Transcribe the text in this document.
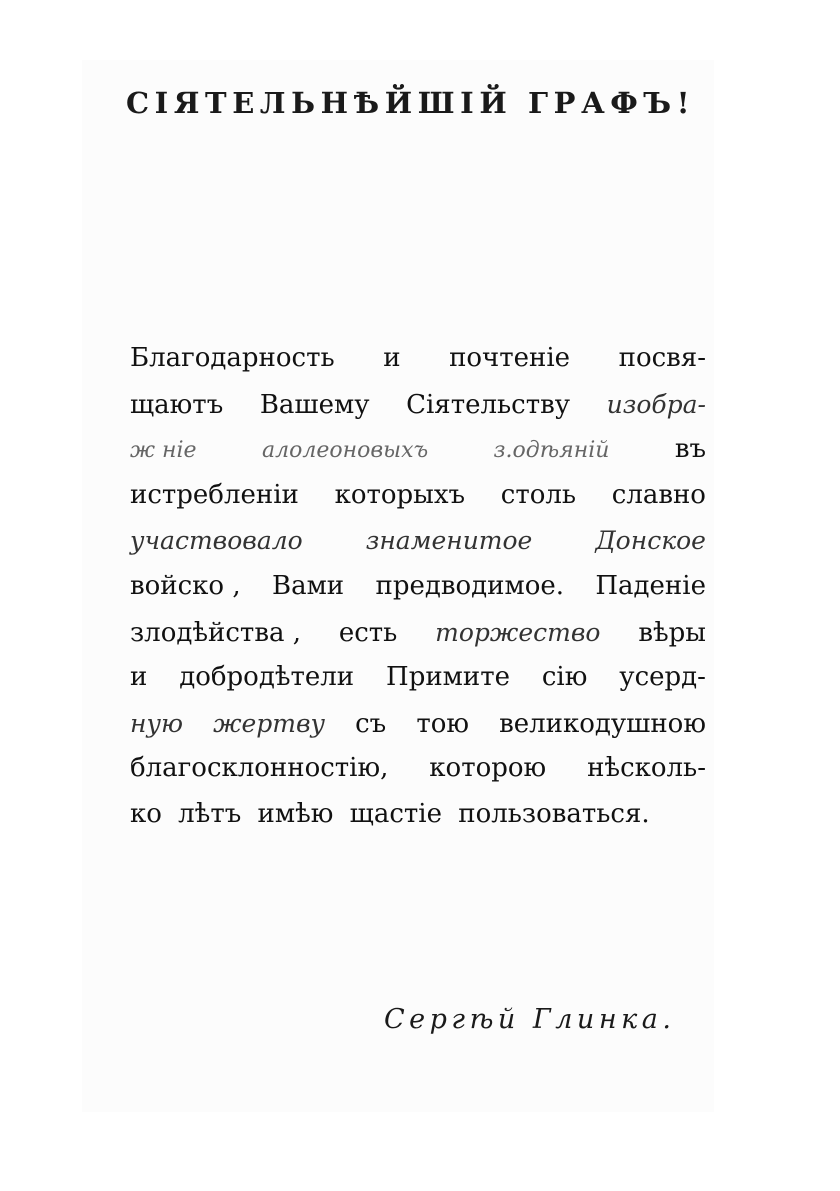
СІЯТЕЛЬНѢЙШІЙ ГРАФЪ!
Благодарность и почтеніе посвя-
щаютъ Вашему Сіятельству изобра-
ж ніе	алолеоновыхъ	з.одѣяній	въ
истребленіи которыхъ столь славно
участвовало	знаменитое	Донское
войско , Вами предводимое. Паденіе
злодѣйства , есть торжество вѣры
и добродѣтели Примите сію усерд-
ную жертву съ тою великодушною
благосклонностію, которою нѣсколь-
ко лѣтъ имѣю щастіе пользоваться.
Сергѣй Глинка.
